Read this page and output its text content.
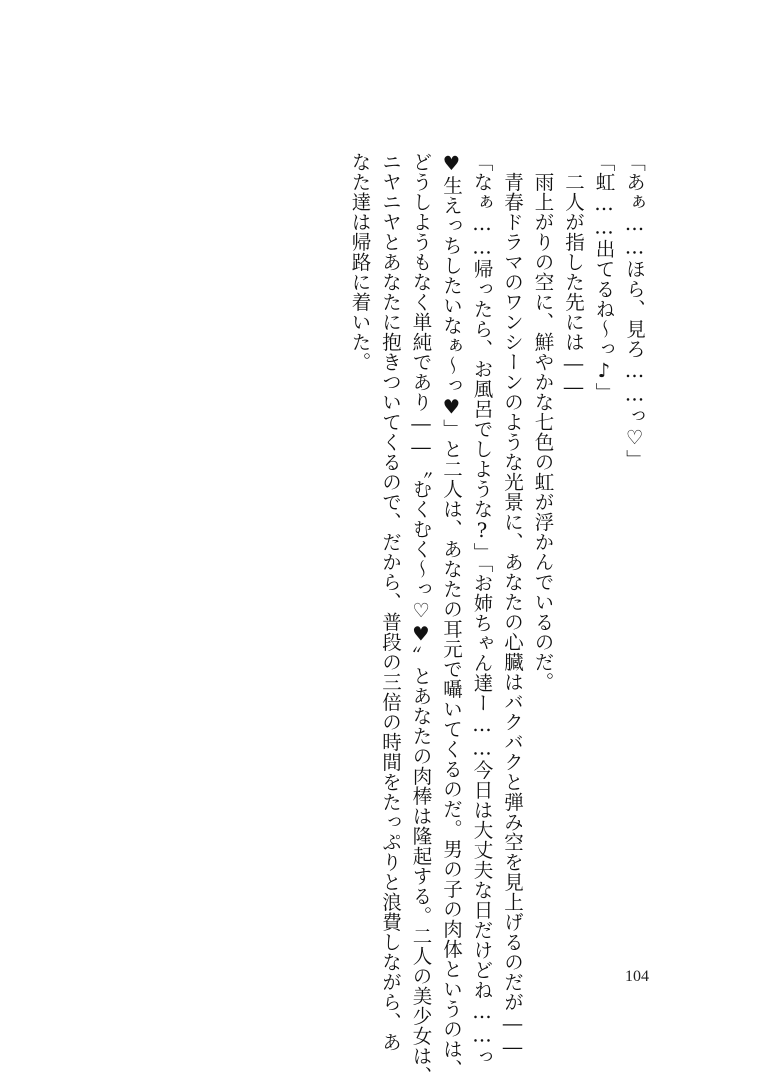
「あぁ……ほら、見ろ……っ♡」

「虹……出てるね〜っ♪」

二人が指した先には――

雨上がりの空に、鮮やかな七色の虹が浮かんでいるのだ。

青春ドラマのワンシーンのような光景に、あなたの心臓はバクバクと弾み空を見上げるのだが――

「なぁ……帰ったら、お風呂でしような?」「お姉ちゃん達ー……今日は大丈夫な日だけどね……っ

♥生えっちしたいなぁ〜っ♥」と二人は、あなたの耳元で囁いてくるのだ。男の子の肉体というのは、

どうしようもなく単純であり――〝むくむく〜っ♡♥〟とあなたの肉棒は隆起する。二人の美少女は、

ニヤニヤとあなたに抱きついてくるので、だから、普段の三倍の時間をたっぷりと浪費しながら、あ

なた達は帰路に着いた。

104
